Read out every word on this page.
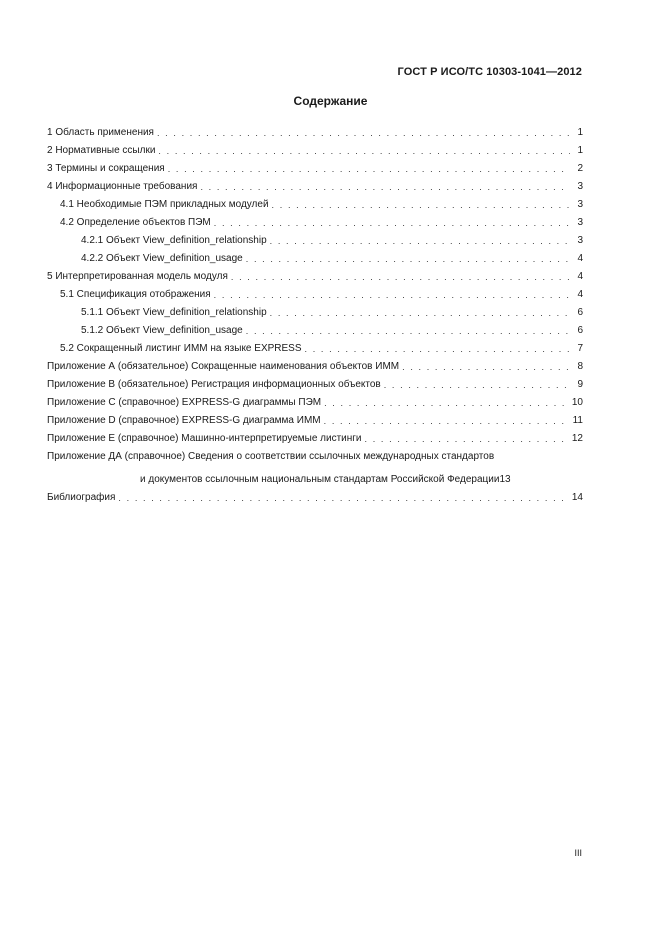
ГОСТ Р ИСО/ТС 10303-1041—2012
Содержание
1 Область применения . . .	1
2 Нормативные ссылки . . .	1
3 Термины и сокращения . . .	2
4 Информационные требования . . .	3
4.1 Необходимые ПЭМ прикладных модулей . . .	3
4.2 Определение объектов ПЭМ . . .	3
4.2.1 Объект View_definition_relationship . . .	3
4.2.2 Объект View_definition_usage . . .	4
5 Интерпретированная модель модуля . . .	4
5.1 Спецификация отображения . . .	4
5.1.1 Объект View_definition_relationship . . .	6
5.1.2 Объект View_definition_usage . . .	6
5.2 Сокращенный листинг ИММ на языке EXPRESS . . .	7
Приложение А (обязательное) Сокращенные наименования объектов ИММ . . .	8
Приложение В (обязательное) Регистрация информационных объектов . . .	9
Приложение С (справочное) EXPRESS-G диаграммы ПЭМ . . .	10
Приложение D (справочное) EXPRESS-G диаграмма ИММ . . .	11
Приложение Е (справочное) Машинно-интерпретируемые листинги . . .	12
Приложение ДА (справочное) Сведения о соответствии ссылочных международных стандартов
и документов ссылочным национальным стандартам Российской Федерации 13
Библиография . . .	14
III
